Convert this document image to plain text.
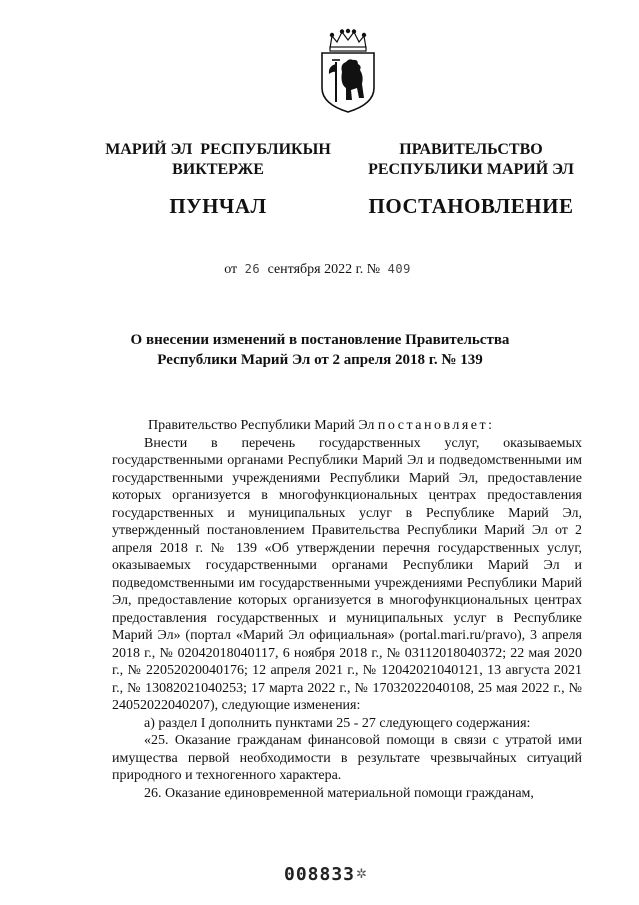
МАРИЙ ЭЛ  РЕСПУБЛИКЫН
ВИКТЕРЖЕ
ПУНЧАЛ
ПРАВИТЕЛЬСТВО
РЕСПУБЛИКИ МАРИЙ ЭЛ
ПОСТАНОВЛЕНИЕ
от 26 сентября 2022 г. № 409
О внесении изменений в постановление Правительства
Республики Марий Эл от 2 апреля 2018 г. № 139

Правительство Республики Марий Эл постановляет:

Внести в перечень государственных услуг, оказываемых государственными органами Республики Марий Эл и подведомственными им государственными учреждениями Республики Марий Эл, предоставление которых организуется в многофункциональных центрах предоставления государственных и муниципальных услуг в Республике Марий Эл, утвержденный постановлением Правительства Республики Марий Эл от 2 апреля 2018 г. № 139 «Об утверждении перечня государственных услуг, оказываемых государственными органами Республики Марий Эл и подведомственными им государственными учреждениями Республики Марий Эл, предоставление которых организуется в многофункциональных центрах предоставления государственных и муниципальных услуг в Республике Марий Эл» (портал «Марий Эл официальная» (portal.mari.ru/pravo), 3 апреля 2018 г., № 02042018040117, 6 ноября 2018 г., № 03112018040372; 22 мая 2020 г., № 22052020040176; 12 апреля 2021 г., № 12042021040121, 13 августа 2021 г., № 13082021040253; 17 марта 2022 г., № 17032022040108, 25 мая 2022 г., № 24052022040207), следующие изменения:

а) раздел I дополнить пунктами 25 - 27 следующего содержания:

«25. Оказание гражданам финансовой помощи в связи с утратой ими имущества первой необходимости в результате чрезвычайных ситуаций природного и техногенного характера.

26. Оказание единовременной материальной помощи гражданам,

008833 ✲
